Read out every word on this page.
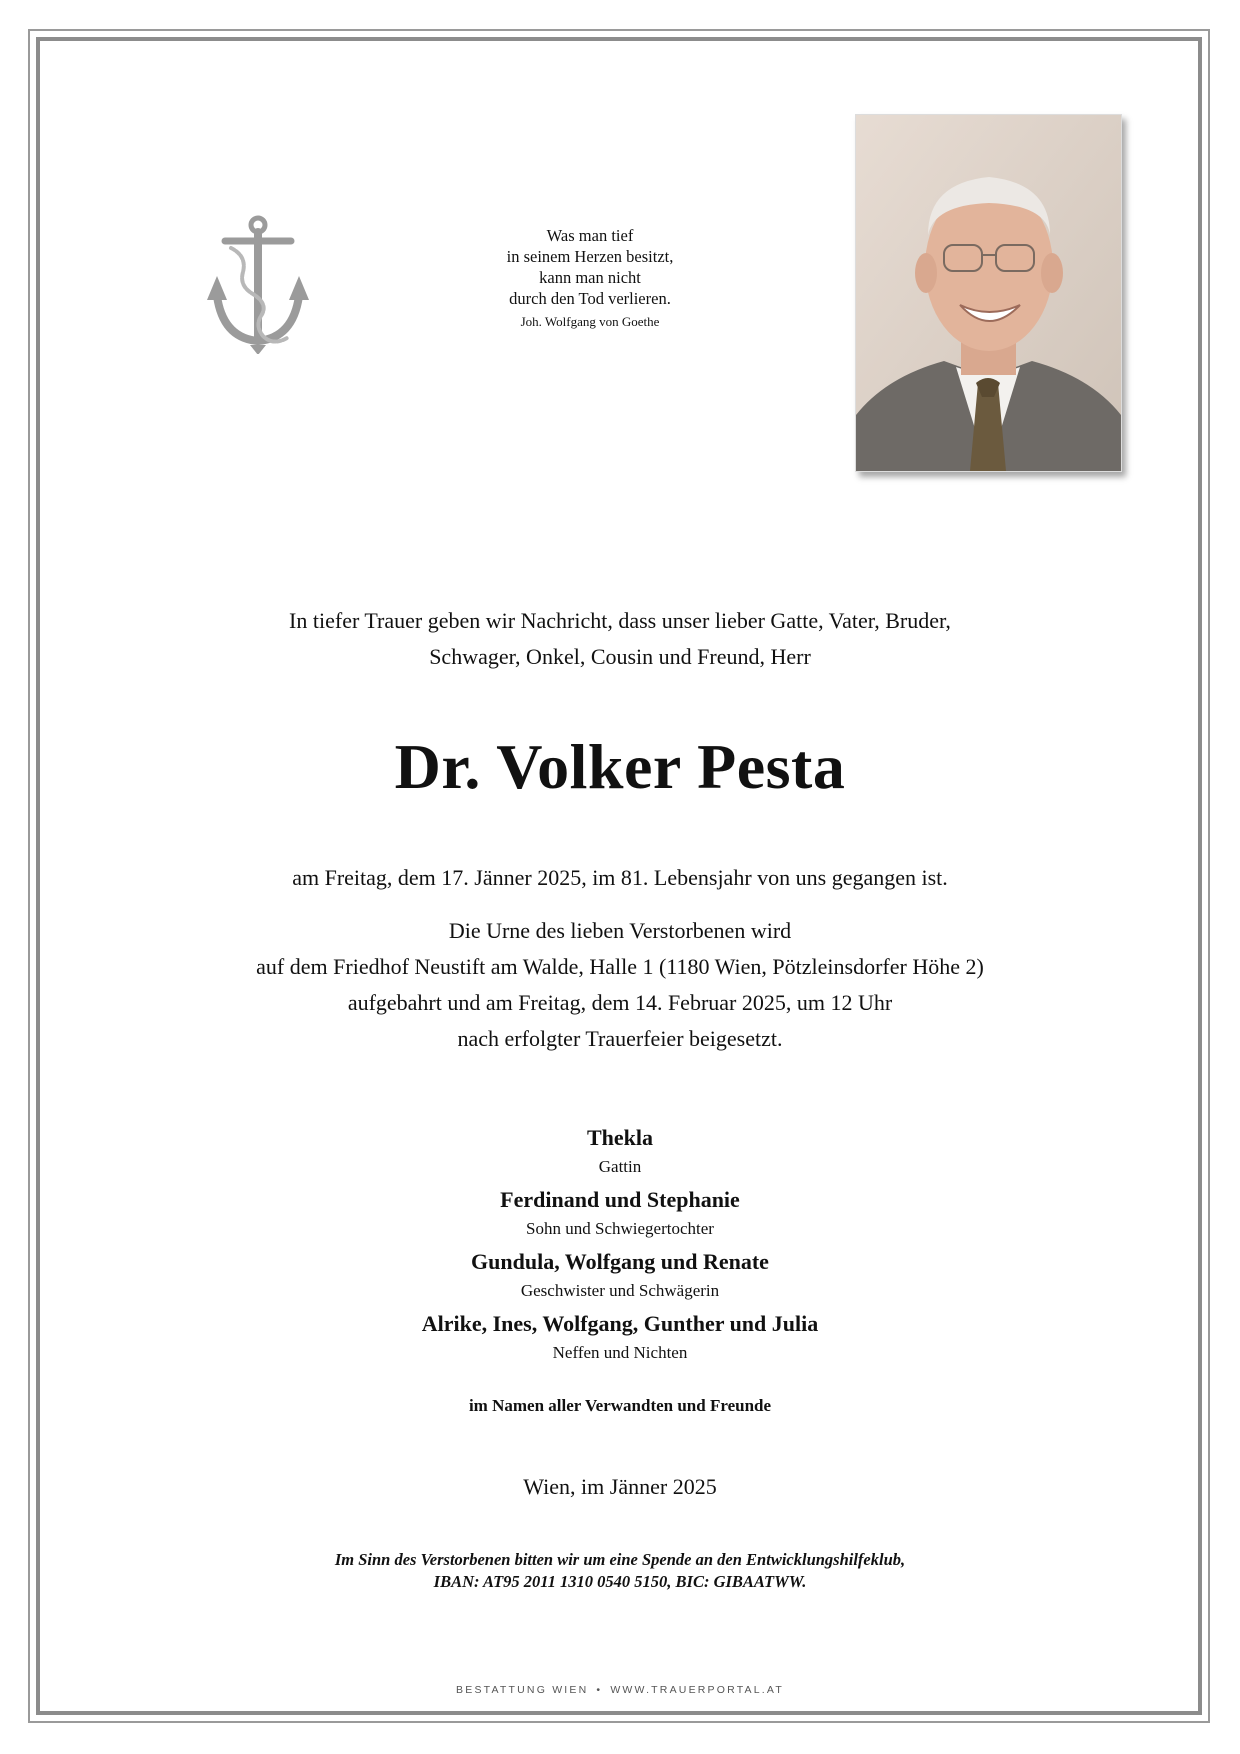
Was man tief
in seinem Herzen besitzt,
kann man nicht
durch den Tod verlieren.
Joh. Wolfgang von Goethe
In tiefer Trauer geben wir Nachricht, dass unser lieber Gatte, Vater, Bruder,
Schwager, Onkel, Cousin und Freund, Herr
Dr. Volker Pesta
am Freitag, dem 17. Jänner 2025, im 81. Lebensjahr von uns gegangen ist.
Die Urne des lieben Verstorbenen wird
auf dem Friedhof Neustift am Walde, Halle 1 (1180 Wien, Pötzleinsdorfer Höhe 2)
aufgebahrt und am Freitag, dem 14. Februar 2025, um 12 Uhr
nach erfolgter Trauerfeier beigesetzt.
Thekla
Gattin
Ferdinand und Stephanie
Sohn und Schwiegertochter
Gundula, Wolfgang und Renate
Geschwister und Schwägerin
Alrike, Ines, Wolfgang, Gunther und Julia
Neffen und Nichten
im Namen aller Verwandten und Freunde
Wien, im Jänner 2025
Im Sinn des Verstorbenen bitten wir um eine Spende an den Entwicklungshilfeklub,
IBAN: AT95 2011 1310 0540 5150, BIC: GIBAATWW.
BESTATTUNG WIEN • WWW.TRAUERPORTAL.AT
